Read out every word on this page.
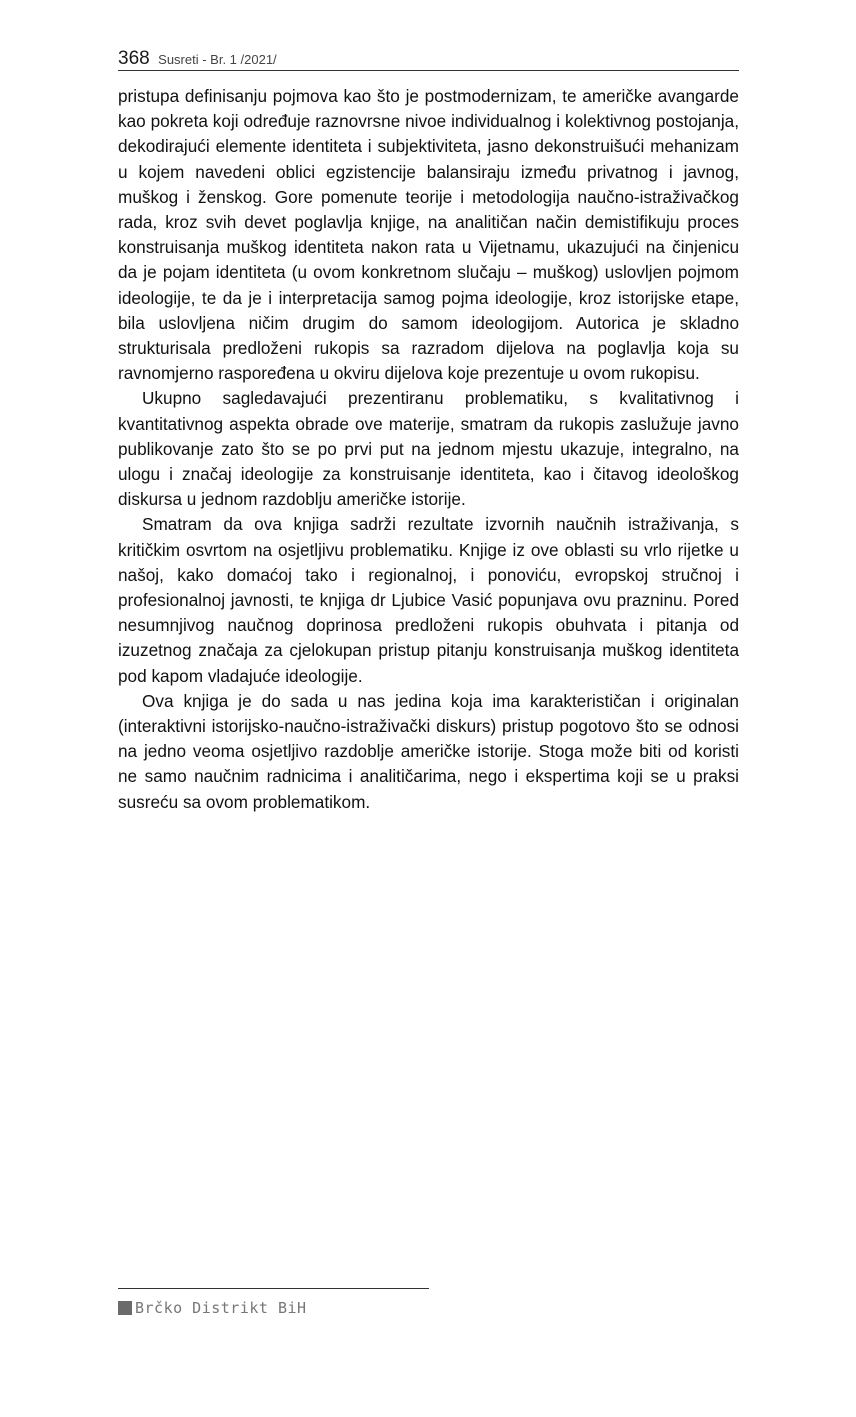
368 Susreti - Br. 1 /2021/

pristupa definisanju pojmova kao što je postmodernizam, te američke avangarde kao pokreta koji određuje raznovrsne nivoe individualnog i kolektivnog postojanja, dekodirajući elemente identiteta i subjektiviteta, jasno dekonstruišući mehanizam u kojem navedeni oblici egzistencije balansiraju između privatnog i javnog, muškog i ženskog. Gore pomenute teorije i metodologija naučno-istraživačkog rada, kroz svih devet poglavlja knjige, na analitičan način demistifikuju proces konstruisanja muškog identiteta nakon rata u Vijetnamu, ukazujući na činjenicu da je pojam identiteta (u ovom konkretnom slučaju – muškog) uslovljen pojmom ideologije, te da je i interpretacija samog pojma ideologije, kroz istorijske etape, bila uslovljena ničim drugim do samom ideologijom. Autorica je skladno strukturisala predloženi rukopis sa razradom dijelova na poglavlja koja su ravnomjerno raspoređena u okviru dijelova koje prezentuje u ovom rukopisu.

Ukupno sagledavajući prezentiranu problematiku, s kvalitativnog i kvantitativnog aspekta obrade ove materije, smatram da rukopis zaslužuje javno publikovanje zato što se po prvi put na jednom mjestu ukazuje, integralno, na ulogu i značaj ideologije za konstruisanje identiteta, kao i čitavog ideološkog diskursa u jednom razdoblju američke istorije.

Smatram da ova knjiga sadrži rezultate izvornih naučnih istraživanja, s kritičkim osvrtom na osjetljivu problematiku. Knjige iz ove oblasti su vrlo rijetke u našoj, kako domaćoj tako i regionalnoj, i ponoviću, evropskoj stručnoj i profesionalnoj javnosti, te knjiga dr Ljubice Vasić popunjava ovu prazninu. Pored nesumnjivog naučnog doprinosa predloženi rukopis obuhvata i pitanja od izuzetnog značaja za cjelokupan pristup pitanju konstruisanja muškog identiteta pod kapom vladajuće ideologije.

Ova knjiga je do sada u nas jedina koja ima karakterističan i originalan (interaktivni istorijsko-naučno-istraživački diskurs) pristup pogotovo što se odnosi na jedno veoma osjetljivo razdoblje američke istorije. Stoga može biti od koristi ne samo naučnim radnicima i analitičarima, nego i ekspertima koji se u praksi susreću sa ovom problematikom.

Brčko Distrikt BiH
